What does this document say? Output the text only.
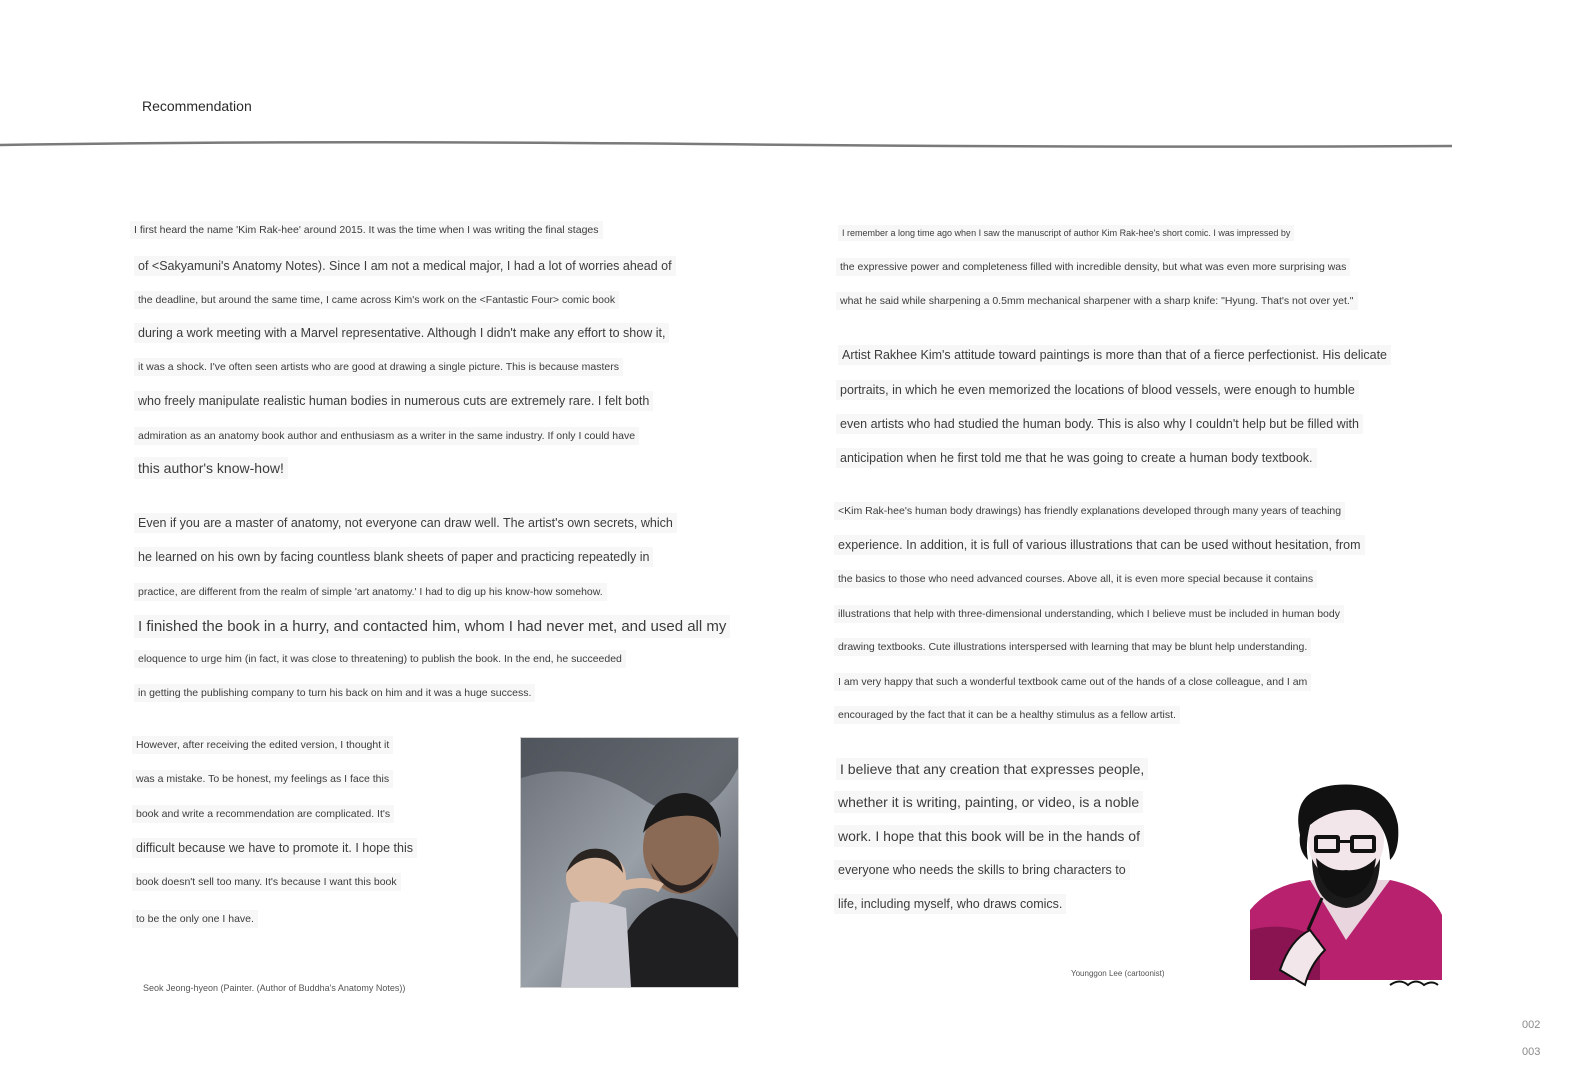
Recommendation
I first heard the name 'Kim Rak-hee' around 2015. It was the time when I was writing the final stages
of <Sakyamuni's Anatomy Notes). Since I am not a medical major, I had a lot of worries ahead of
the deadline, but around the same time, I came across Kim's work on the <Fantastic Four> comic book
during a work meeting with a Marvel representative. Although I didn't make any effort to show it,
it was a shock. I've often seen artists who are good at drawing a single picture. This is because masters
who freely manipulate realistic human bodies in numerous cuts are extremely rare. I felt both
admiration as an anatomy book author and enthusiasm as a writer in the same industry. If only I could have
this author's know-how!
Even if you are a master of anatomy, not everyone can draw well. The artist's own secrets, which
he learned on his own by facing countless blank sheets of paper and practicing repeatedly in
practice, are different from the realm of simple 'art anatomy.' I had to dig up his know-how somehow.
I finished the book in a hurry, and contacted him, whom I had never met, and used all my
eloquence to urge him (in fact, it was close to threatening) to publish the book. In the end, he succeeded
in getting the publishing company to turn his back on him and it was a huge success.
However, after receiving the edited version, I thought it
was a mistake. To be honest, my feelings as I face this
book and write a recommendation are complicated. It's
difficult because we have to promote it. I hope this
book doesn't sell too many. It's because I want this book
to be the only one I have.
Seok Jeong-hyeon (Painter. (Author of Buddha's Anatomy Notes))
I remember a long time ago when I saw the manuscript of author Kim Rak-hee's short comic. I was impressed by
the expressive power and completeness filled with incredible density, but what was even more surprising was
what he said while sharpening a 0.5mm mechanical sharpener with a sharp knife: "Hyung. That's not over yet."
Artist Rakhee Kim's attitude toward paintings is more than that of a fierce perfectionist. His delicate
portraits, in which he even memorized the locations of blood vessels, were enough to humble
even artists who had studied the human body. This is also why I couldn't help but be filled with
anticipation when he first told me that he was going to create a human body textbook.
<Kim Rak-hee's human body drawings) has friendly explanations developed through many years of teaching
experience. In addition, it is full of various illustrations that can be used without hesitation, from
the basics to those who need advanced courses. Above all, it is even more special because it contains
illustrations that help with three-dimensional understanding, which I believe must be included in human body
drawing textbooks. Cute illustrations interspersed with learning that may be blunt help understanding.
I am very happy that such a wonderful textbook came out of the hands of a close colleague, and I am
encouraged by the fact that it can be a healthy stimulus as a fellow artist.
I believe that any creation that expresses people,
whether it is writing, painting, or video, is a noble
work. I hope that this book will be in the hands of
everyone who needs the skills to bring characters to
life, including myself, who draws comics.
Younggon Lee (cartoonist)
002
003
